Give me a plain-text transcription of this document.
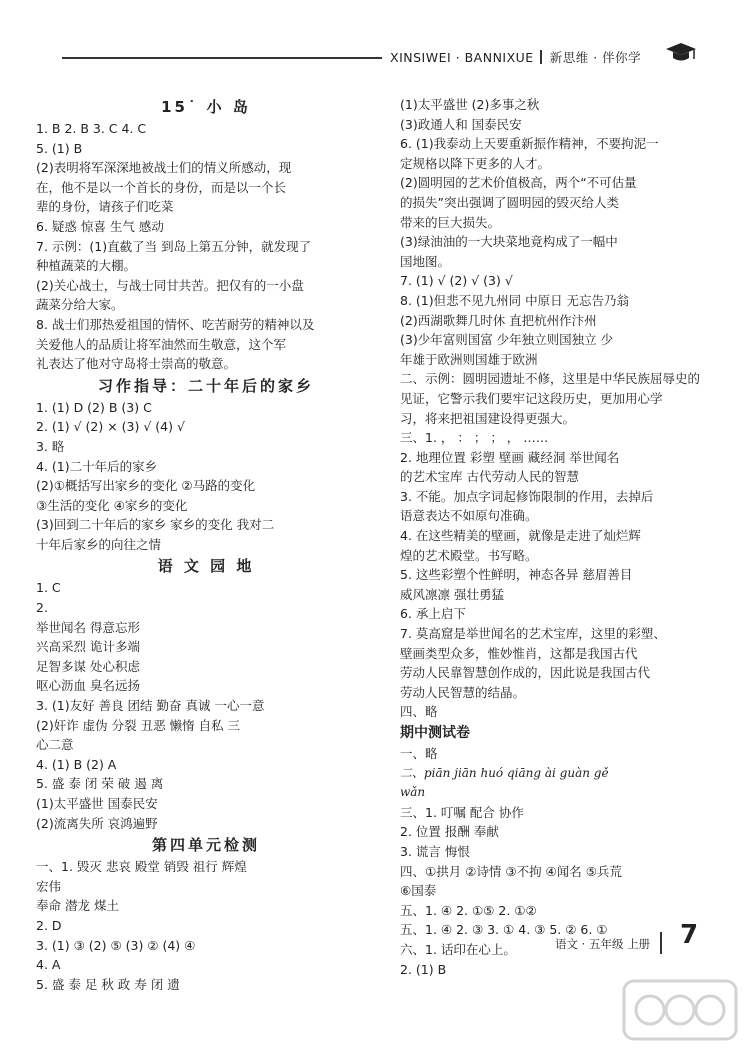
XINSIWEI · BANNIXUE 新思维 · 伴你学
15˙ 小 岛
1. B 2. B 3. C 4. C
5. (1) B
(2)表明将军深深地被战士们的情义所感动，现
在，他不是以一个首长的身份，而是以一个长
辈的身份，请孩子们吃菜
6. 疑惑 惊喜 生气 感动
7. 示例：(1)直截了当 到岛上第五分钟，就发现了
种植蔬菜的大棚。
(2)关心战士，与战士同甘共苦。把仅有的一小盘
蔬菜分给大家。
8. 战士们那热爱祖国的情怀、吃苦耐劳的精神以及
关爱他人的品质让将军油然而生敬意，这个军
礼表达了他对守岛将士崇高的敬意。
习作指导：二十年后的家乡
1. (1) D (2) B (3) C
2. (1) √ (2) × (3) √ (4) √
3. 略
4. (1)二十年后的家乡
(2)①概括写出家乡的变化 ②马路的变化
③生活的变化 ④家乡的变化
(3)回到二十年后的家乡 家乡的变化 我对二
十年后家乡的向往之情
语 文 园 地
1. C
2.
举世闻名 得意忘形
兴高采烈 诡计多端
足智多谋 处心积虑
呕心沥血 臭名远扬
3. (1)友好 善良 团结 勤奋 真诚 一心一意
(2)奸诈 虚伪 分裂 丑恶 懒惰 自私 三
心二意
4. (1) B (2) A
5. 盛 泰 闭 荣 破 遏 离
(1)太平盛世 国泰民安
(2)流离失所 哀鸿遍野
第四单元检测
一、1. 毁灭 悲哀 殿堂 销毁 祖行 辉煌
宏伟
奉命 潜龙 煤土
2. D
3. (1) ③ (2) ⑤ (3) ② (4) ④
4. A
5. 盛 泰 足 秋 政 寿 闭 遗
(1)太平盛世 (2)多事之秋
(3)政通人和 国泰民安
6. (1)我泰动上天要重新振作精神，不要拘泥一
定规格以降下更多的人才。
(2)圆明园的艺术价值极高，两个“不可估量
的损失”突出强调了圆明园的毁灭给人类
带来的巨大损失。
(3)绿油油的一大块菜地竟构成了一幅中
国地图。
7. (1) √ (2) √ (3) √
8. (1)但悲不见九州同 中原日 无忘告乃翁
(2)西湖歌舞几时休 直把杭州作汴州
(3)少年富则国富 少年独立则国独立 少
年雄于欧洲则国雄于欧洲
二、示例：圆明园遗址不修，这里是中华民族屈辱史的
见证，它警示我们要牢记这段历史，更加用心学
习，将来把祖国建设得更强大。
三、1. ， ： ； ； ， ……
2. 地理位置 彩塑 壁画 藏经洞 举世闻名
的艺术宝库 古代劳动人民的智慧
3. 不能。加点字词起修饰限制的作用，去掉后
语意表达不如原句准确。
4. 在这些精美的壁画，就像是走进了灿烂辉
煌的艺术殿堂。书写略。
5. 这些彩塑个性鲜明，神态各异 慈眉善目
威风凛凛 强壮勇猛
6. 承上启下
7. 莫高窟是举世闻名的艺术宝库，这里的彩塑、
壁画类型众多，惟妙惟肖，这都是我国古代
劳动人民靠智慧创作成的，因此说是我国古代
劳动人民智慧的结晶。
四、略
期中测试卷
一、略
二、piān jiān huó qiāng ài guàn gě
wǎn
三、1. 叮嘱 配合 协作
2. 位置 报酬 奉献
3. 谎言 悔恨
四、①拱月 ②诗情 ③不拘 ④闻名 ⑤兵荒
⑥国泰
五、1. ④ 2. ①⑤ 2. ①②
五、1. ④ 2. ③ 3. ① 4. ③ 5. ② 6. ①
六、1. 话印在心上。
2. (1) B
语文 · 五年级 上册	7
